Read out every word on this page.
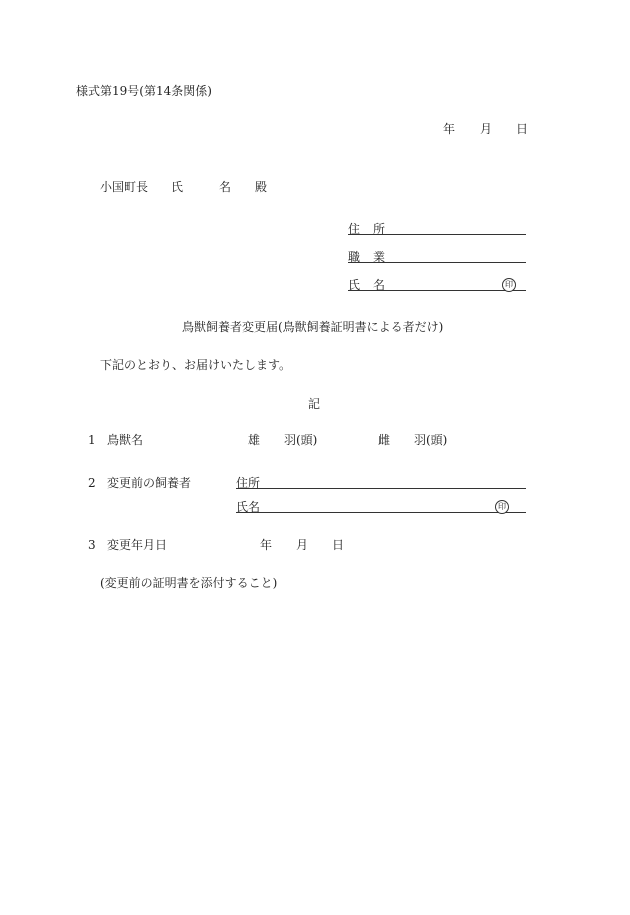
様式第19号(第14条関係)
年 月 日
小国町長 氏	名 殿
住 所
職 業
氏 名	印
鳥獣飼養者変更届(鳥獣飼養証明書による者だけ)
下記のとおり、お届けいたします。
記
1 鳥獣名	雄 羽(頭)	雌 羽(頭)
2 変更前の飼養者	住所
氏名	印
3 変更年月日	年 月 日
(変更前の証明書を添付すること)
